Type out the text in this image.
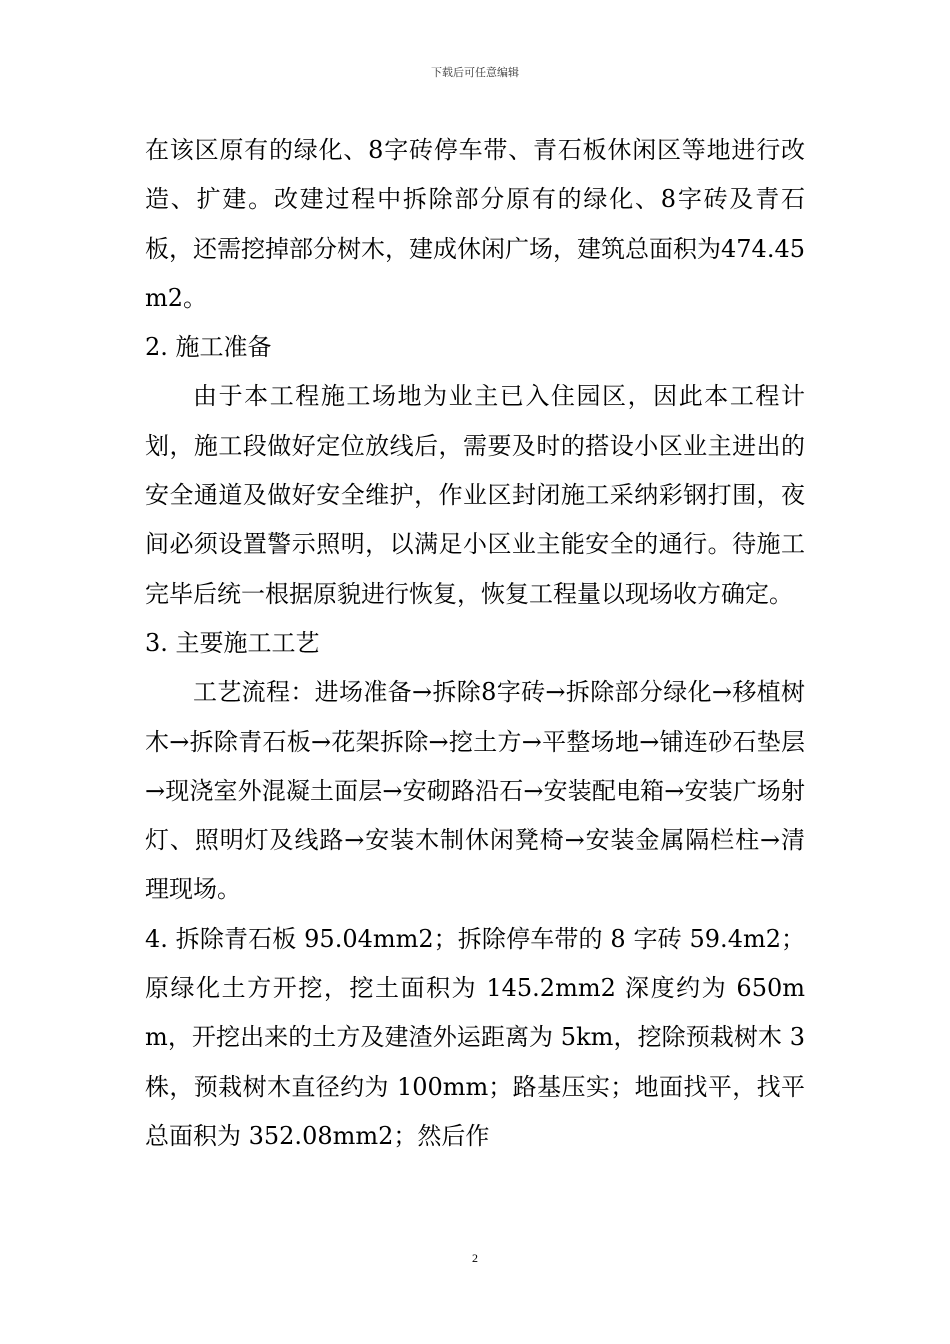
下载后可任意编辑

在该区原有的绿化、8字砖停车带、青石板休闲区等地进行改造、扩建。改建过程中拆除部分原有的绿化、8字砖及青石板，还需挖掉部分树木，建成休闲广场，建筑总面积为474.45m2。

2. 施工准备

由于本工程施工场地为业主已入住园区，因此本工程计划，施工段做好定位放线后，需要及时的搭设小区业主进出的安全通道及做好安全维护，作业区封闭施工采纳彩钢打围，夜间必须设置警示照明，以满足小区业主能安全的通行。待施工完毕后统一根据原貌进行恢复，恢复工程量以现场收方确定。

3. 主要施工工艺

工艺流程：进场准备→拆除8字砖→拆除部分绿化→移植树木→拆除青石板→花架拆除→挖土方→平整场地→铺连砂石垫层→现浇室外混凝土面层→安砌路沿石→安装配电箱→安装广场射灯、照明灯及线路→安装木制休闲凳椅→安装金属隔栏柱→清理现场。

4. 拆除青石板 95.04mm2；拆除停车带的 8 字砖 59.4m2；原绿化土方开挖，挖土面积为 145.2mm2 深度约为 650mm，开挖出来的土方及建渣外运距离为 5km，挖除预栽树木 3 株，预栽树木直径约为 100mm；路基压实；地面找平，找平总面积为 352.08mm2；然后作

2
